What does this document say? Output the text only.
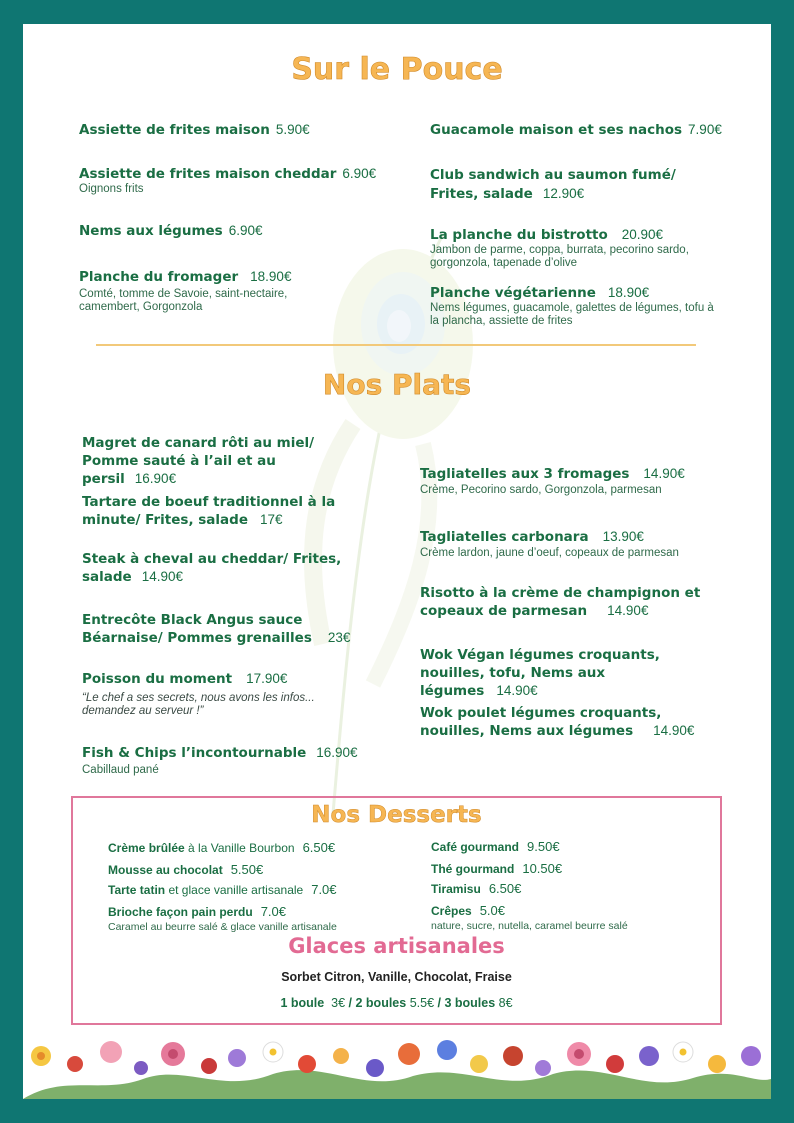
Sur le Pouce
Assiette de frites maison 5.90€
Assiette de frites maison cheddar 6.90€
Oignons frits
Nems aux légumes 6.90€
Planche du fromager 18.90€
Comté, tomme de Savoie, saint-nectaire, camembert, Gorgonzola
Guacamole maison et ses nachos 7.90€
Club sandwich au saumon fumé/ Frites, salade 12.90€
La planche du bistrotto 20.90€
Jambon de parme, coppa, burrata, pecorino sardo, gorgonzola, tapenade d’olive
Planche végétarienne 18.90€
Nems légumes, guacamole, galettes de légumes, tofu à la plancha, assiette de frites
Nos Plats
Magret de canard rôti au miel/ Pomme sauté à l’ail et au persil 16.90€
Tartare de boeuf traditionnel à la minute/ Frites, salade 17€
Steak à cheval au cheddar/ Frites, salade 14.90€
Entrecôte Black Angus sauce Béarnaise/ Pommes grenailles 23€
Poisson du moment 17.90€
“Le chef a ses secrets, nous avons les infos... demandez au serveur !”
Fish & Chips l’incontournable 16.90€
Cabillaud pané
Tagliatelles aux 3 fromages 14.90€
Crème, Pecorino sardo, Gorgonzola, parmesan
Tagliatelles carbonara 13.90€
Crème lardon, jaune d’oeuf, copeaux de parmesan
Risotto à la crème de champignon et copeaux de parmesan 14.90€
Wok Végan légumes croquants, nouilles, tofu, Nems aux légumes 14.90€
Wok poulet légumes croquants, nouilles, Nems aux légumes 14.90€
Nos Desserts
Crème brûlée à la Vanille Bourbon 6.50€
Mousse au chocolat 5.50€
Tarte tatin et glace vanille artisanale 7.0€
Brioche façon pain perdu 7.0€
Caramel au beurre salé & glace vanille artisanale
Café gourmand 9.50€
Thé gourmand 10.50€
Tiramisu 6.50€
Crêpes 5.0€
nature, sucre, nutella, caramel beurre salé
Glaces artisanales
Sorbet Citron, Vanille, Chocolat, Fraise
1 boule 3€ / 2 boules 5.5€ / 3 boules 8€
